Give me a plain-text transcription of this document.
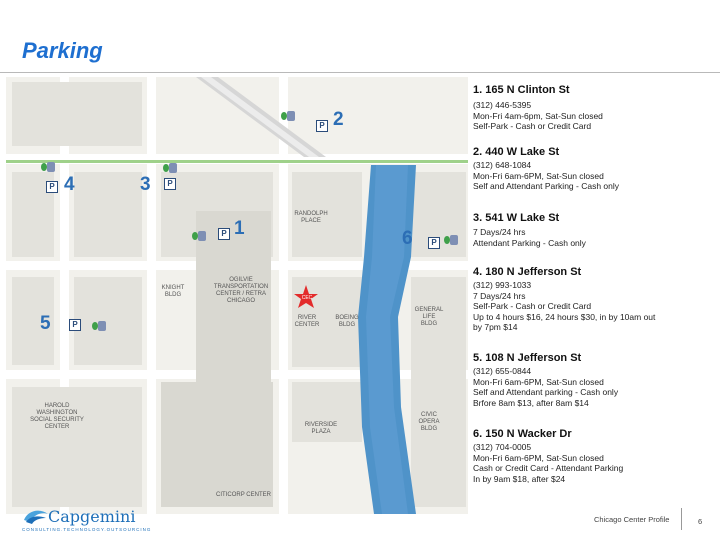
Parking
RANDOLPH PLACE
OGILVIE TRANSPORTATION CENTER / RETRA CHICAGO
KNIGHT BLDG
RIVER CENTER
BOEING BLDG
RIVERSIDE PLAZA
CITICORP CENTER
CIVIC OPERA BLDG
GENERAL LIFE BLDG
HAROLD WASHINGTON SOCIAL SECURITY CENTER
CEC
P 1
P 2
P
3
P 4
P
5
P
6
1. 165 N Clinton St
(312) 446-5395
Mon-Fri 4am-6pm, Sat-Sun closed
Self-Park - Cash or Credit Card
2. 440 W Lake St
(312) 648-1084
Mon-Fri 6am-6PM, Sat-Sun closed
Self and Attendant Parking - Cash only
3. 541 W Lake St
7 Days/24 hrs
Attendant Parking - Cash only
4. 180 N Jefferson St
(312) 993-1033
7 Days/24 hrs
Self-Park - Cash or Credit Card
Up to 4 hours $16, 24 hours $30, in by 10am out
by 7pm $14
5. 108 N Jefferson St
(312) 655-0844
Mon-Fri 6am-6PM, Sat-Sun closed
Self and Attendant parking - Cash only
Brfore 8am $13, after 8am $14
6. 150 N Wacker Dr
(312) 704-0005
Mon-Fri 6am-6PM, Sat-Sun closed
Cash or Credit Card - Attendant Parking
In by 9am $18, after $24
Capgemini
CONSULTING.TECHNOLOGY.OUTSOURCING
Chicago Center Profile	6
